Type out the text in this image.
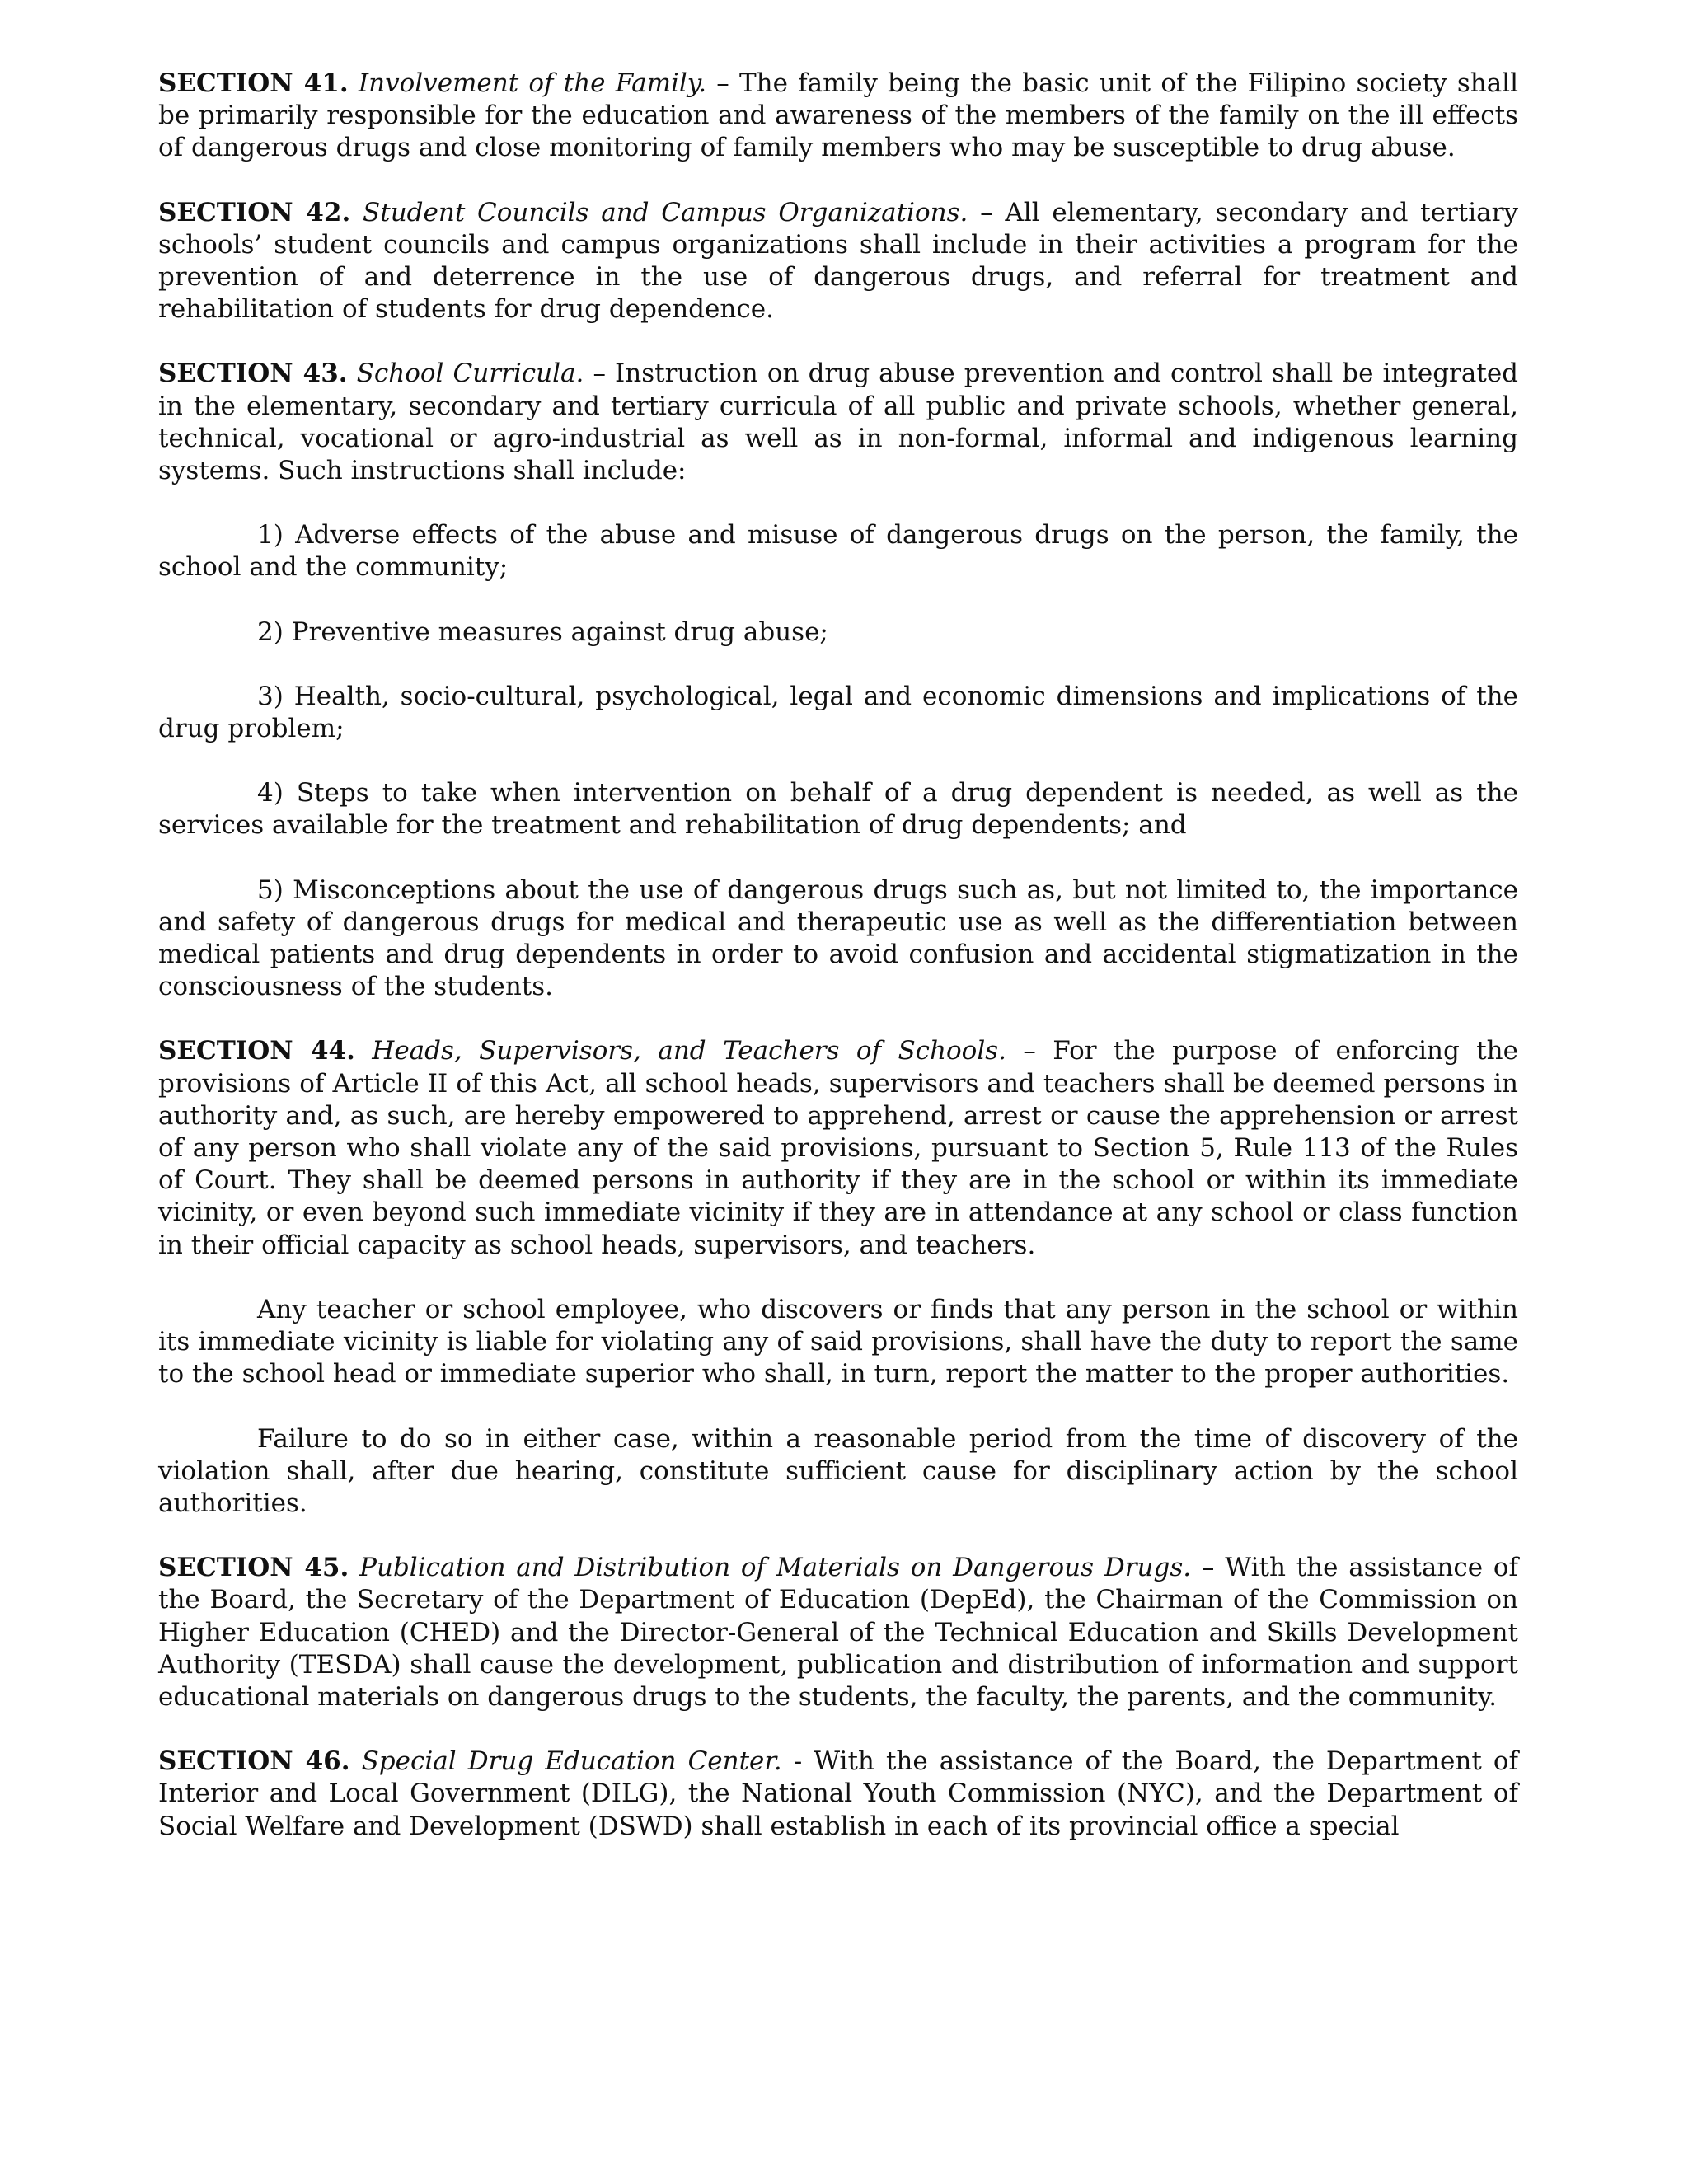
SECTION 41. Involvement of the Family. – The family being the basic unit of the Filipino society shall be primarily responsible for the education and awareness of the members of the family on the ill effects of dangerous drugs and close monitoring of family members who may be susceptible to drug abuse.

SECTION 42. Student Councils and Campus Organizations. – All elementary, secondary and tertiary schools’ student councils and campus organizations shall include in their activities a program for the prevention of and deterrence in the use of dangerous drugs, and referral for treatment and rehabilitation of students for drug dependence.

SECTION 43. School Curricula. – Instruction on drug abuse prevention and control shall be integrated in the elementary, secondary and tertiary curricula of all public and private schools, whether general, technical, vocational or agro-industrial as well as in non-formal, informal and indigenous learning systems. Such instructions shall include:

1) Adverse effects of the abuse and misuse of dangerous drugs on the person, the family, the school and the community;

2) Preventive measures against drug abuse;

3) Health, socio-cultural, psychological, legal and economic dimensions and implications of the drug problem;

4) Steps to take when intervention on behalf of a drug dependent is needed, as well as the services available for the treatment and rehabilitation of drug dependents; and

5) Misconceptions about the use of dangerous drugs such as, but not limited to, the importance and safety of dangerous drugs for medical and therapeutic use as well as the differentiation between medical patients and drug dependents in order to avoid confusion and accidental stigmatization in the consciousness of the students.

SECTION 44. Heads, Supervisors, and Teachers of Schools. – For the purpose of enforcing the provisions of Article II of this Act, all school heads, supervisors and teachers shall be deemed persons in authority and, as such, are hereby empowered to apprehend, arrest or cause the apprehension or arrest of any person who shall violate any of the said provisions, pursuant to Section 5, Rule 113 of the Rules of Court. They shall be deemed persons in authority if they are in the school or within its immediate vicinity, or even beyond such immediate vicinity if they are in attendance at any school or class function in their official capacity as school heads, supervisors, and teachers.

Any teacher or school employee, who discovers or finds that any person in the school or within its immediate vicinity is liable for violating any of said provisions, shall have the duty to report the same to the school head or immediate superior who shall, in turn, report the matter to the proper authorities.

Failure to do so in either case, within a reasonable period from the time of discovery of the violation shall, after due hearing, constitute sufficient cause for disciplinary action by the school authorities.

SECTION 45. Publication and Distribution of Materials on Dangerous Drugs. – With the assistance of the Board, the Secretary of the Department of Education (DepEd), the Chairman of the Commission on Higher Education (CHED) and the Director-General of the Technical Education and Skills Development Authority (TESDA) shall cause the development, publication and distribution of information and support educational materials on dangerous drugs to the students, the faculty, the parents, and the community.

SECTION 46. Special Drug Education Center. - With the assistance of the Board, the Department of Interior and Local Government (DILG), the National Youth Commission (NYC), and the Department of Social Welfare and Development (DSWD) shall establish in each of its provincial office a special
